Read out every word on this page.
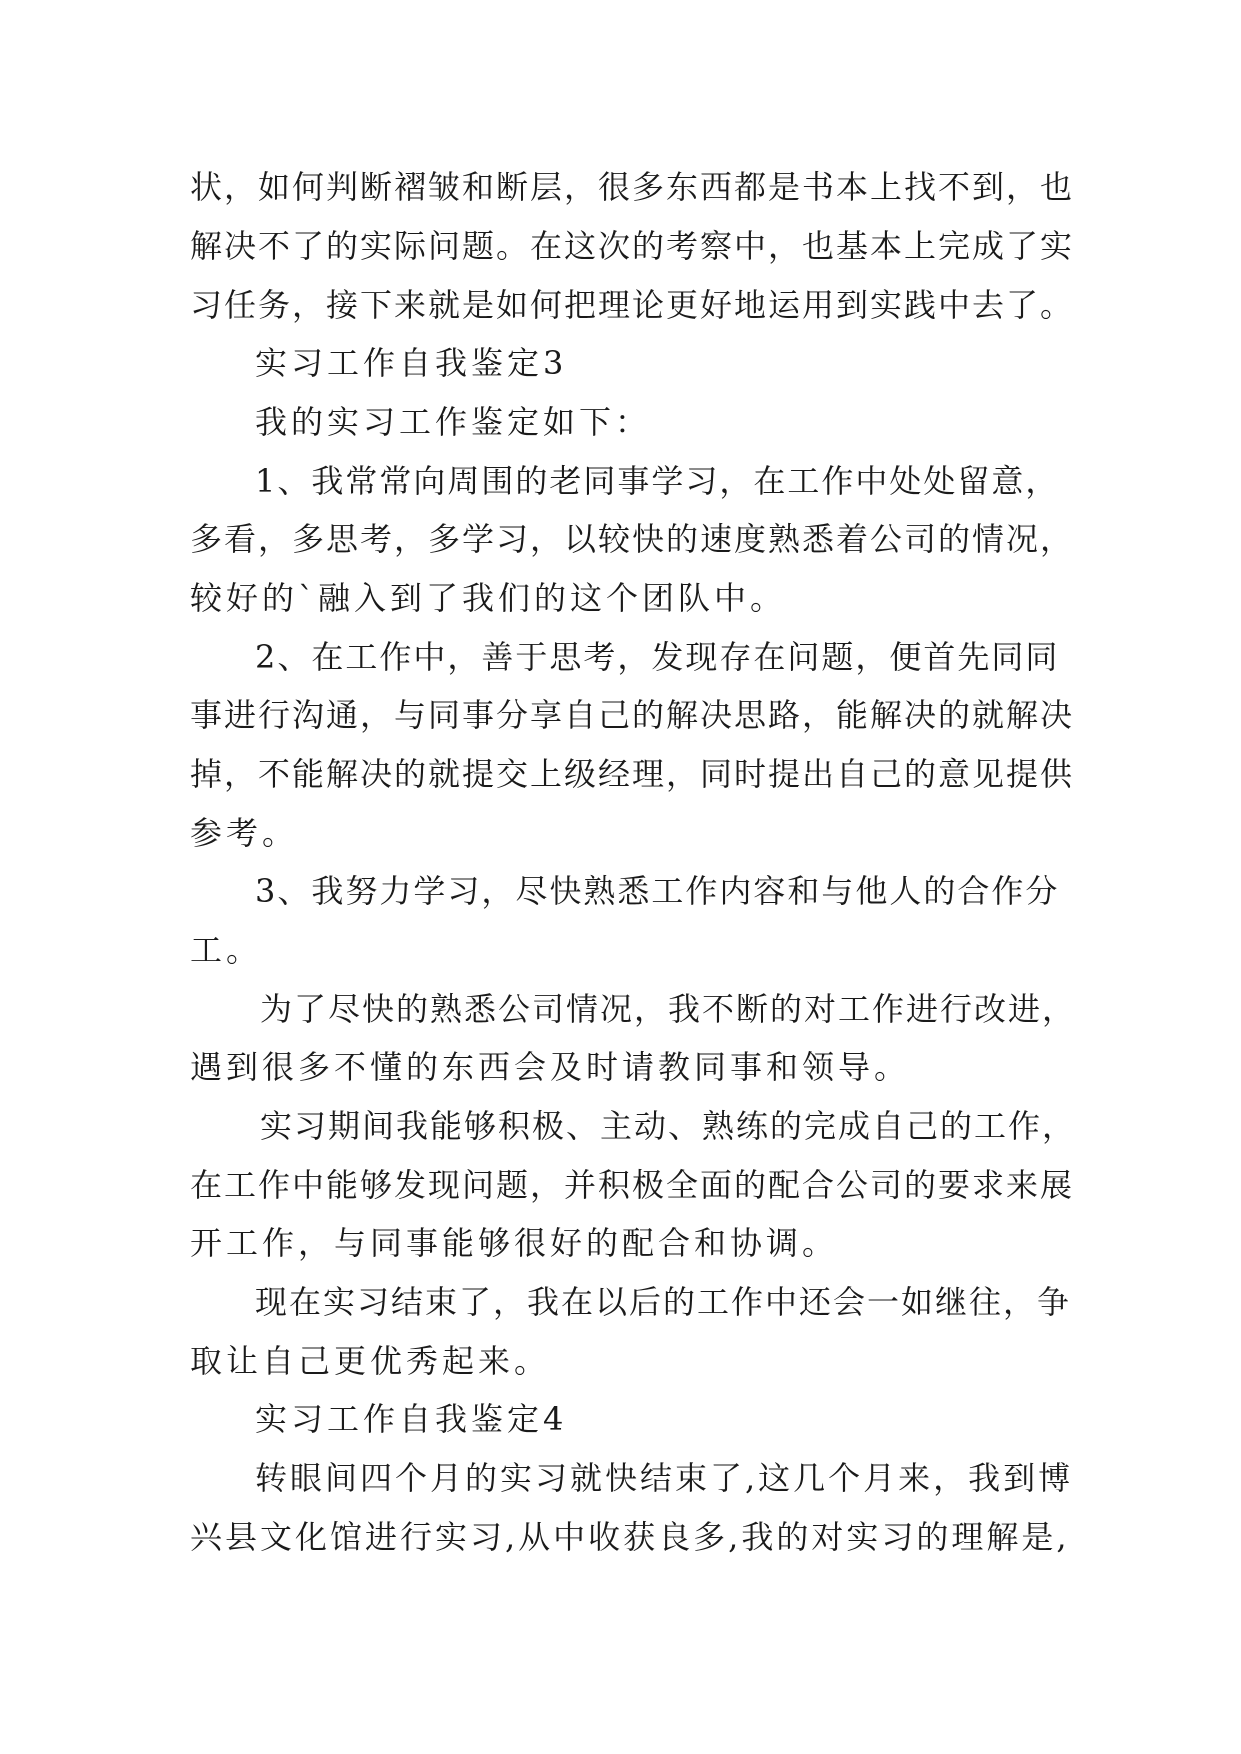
状，如何判断褶皱和断层，很多东西都是书本上找不到，也
解决不了的实际问题。在这次的考察中，也基本上完成了实
习任务，接下来就是如何把理论更好地运用到实践中去了。
实习工作自我鉴定3
我的实习工作鉴定如下：
1、我常常向周围的老同事学习，在工作中处处留意，
多看，多思考，多学习，以较快的速度熟悉着公司的情况，
较好的`融入到了我们的这个团队中。
2、在工作中，善于思考，发现存在问题，便首先同同
事进行沟通，与同事分享自己的解决思路，能解决的就解决
掉，不能解决的就提交上级经理，同时提出自己的意见提供
参考。
3、我努力学习，尽快熟悉工作内容和与他人的合作分
工。
为了尽快的熟悉公司情况，我不断的对工作进行改进，
遇到很多不懂的东西会及时请教同事和领导。
实习期间我能够积极、主动、熟练的完成自己的工作，
在工作中能够发现问题，并积极全面的配合公司的要求来展
开工作，与同事能够很好的配合和协调。
现在实习结束了，我在以后的工作中还会一如继往，争
取让自己更优秀起来。
实习工作自我鉴定4
转眼间四个月的实习就快结束了,这几个月来，我到博
兴县文化馆进行实习,从中收获良多,我的对实习的理解是,
